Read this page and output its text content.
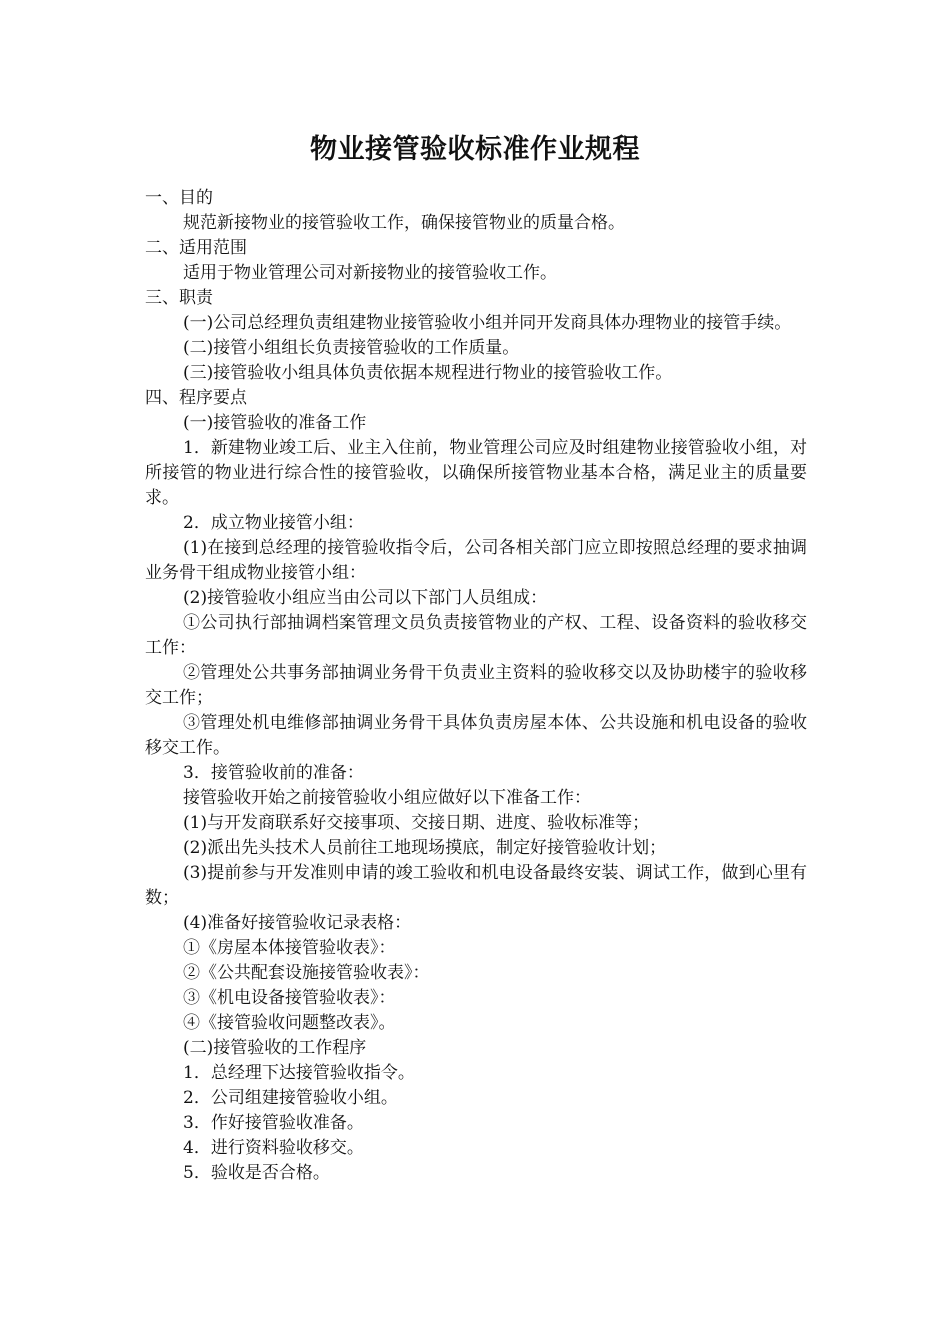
物业接管验收标准作业规程

一、目的

规范新接物业的接管验收工作，确保接管物业的质量合格。

二、适用范围

适用于物业管理公司对新接物业的接管验收工作。

三、职责

(一)公司总经理负责组建物业接管验收小组并同开发商具体办理物业的接管手续。

(二)接管小组组长负责接管验收的工作质量。

(三)接管验收小组具体负责依据本规程进行物业的接管验收工作。

四、程序要点

(一)接管验收的准备工作

1．新建物业竣工后、业主入住前，物业管理公司应及时组建物业接管验收小组，对所接管的物业进行综合性的接管验收，以确保所接管物业基本合格，满足业主的质量要求。

2．成立物业接管小组：

(1)在接到总经理的接管验收指令后，公司各相关部门应立即按照总经理的要求抽调业务骨干组成物业接管小组：

(2)接管验收小组应当由公司以下部门人员组成：

①公司执行部抽调档案管理文员负责接管物业的产权、工程、设备资料的验收移交工作：

②管理处公共事务部抽调业务骨干负责业主资料的验收移交以及协助楼宇的验收移交工作；

③管理处机电维修部抽调业务骨干具体负责房屋本体、公共设施和机电设备的验收移交工作。

3．接管验收前的准备：

接管验收开始之前接管验收小组应做好以下准备工作：

(1)与开发商联系好交接事项、交接日期、进度、验收标准等；

(2)派出先头技术人员前往工地现场摸底，制定好接管验收计划；

(3)提前参与开发准则申请的竣工验收和机电设备最终安装、调试工作，做到心里有数；

(4)准备好接管验收记录表格：

①《房屋本体接管验收表》：

②《公共配套设施接管验收表》：

③《机电设备接管验收表》：

④《接管验收问题整改表》。

(二)接管验收的工作程序

1．总经理下达接管验收指令。

2．公司组建接管验收小组。

3．作好接管验收准备。

4．进行资料验收移交。

5．验收是否合格。
